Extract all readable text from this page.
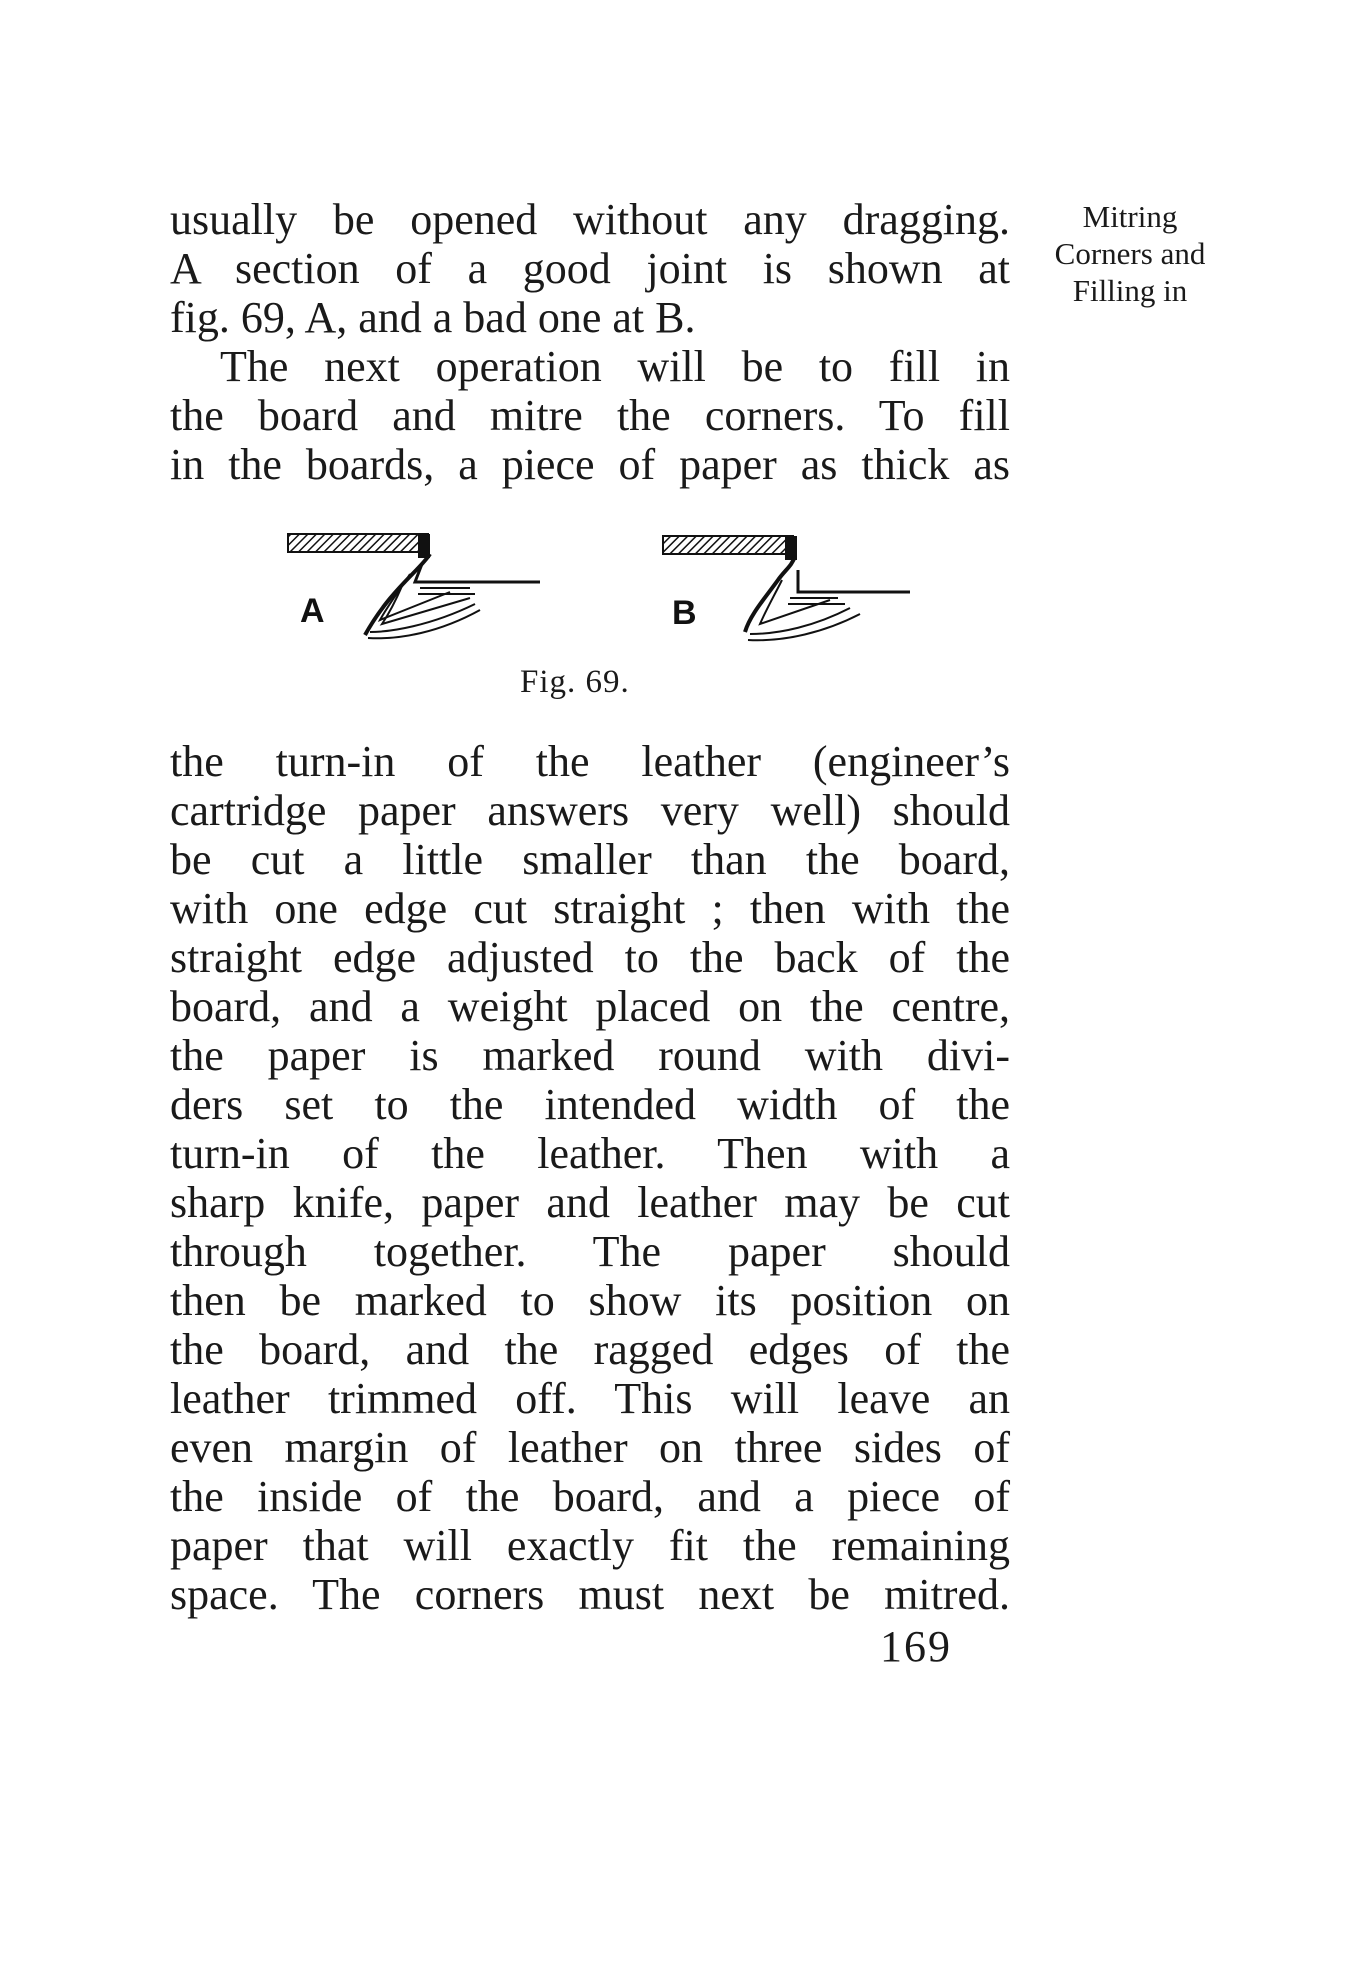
Mitring
Corners and
Filling in
usually be opened without any dragging.
A section of a good joint is shown at
fig. 69, A, and a bad one at B.
The next operation will be to fill in
the board and mitre the corners. To fill
in the boards, a piece of paper as thick as
A	B
Fig. 69.
the turn-in of the leather (engineer’s
cartridge paper answers very well) should
be cut a little smaller than the board,
with one edge cut straight ; then with the
straight edge adjusted to the back of the
board, and a weight placed on the centre,
the paper is marked round with divi-
ders set to the intended width of the
turn-in of the leather. Then with a
sharp knife, paper and leather may be cut
through together. The paper should
then be marked to show its position on
the board, and the ragged edges of the
leather trimmed off. This will leave an
even margin of leather on three sides of
the inside of the board, and a piece of
paper that will exactly fit the remaining
space. The corners must next be mitred.
169
